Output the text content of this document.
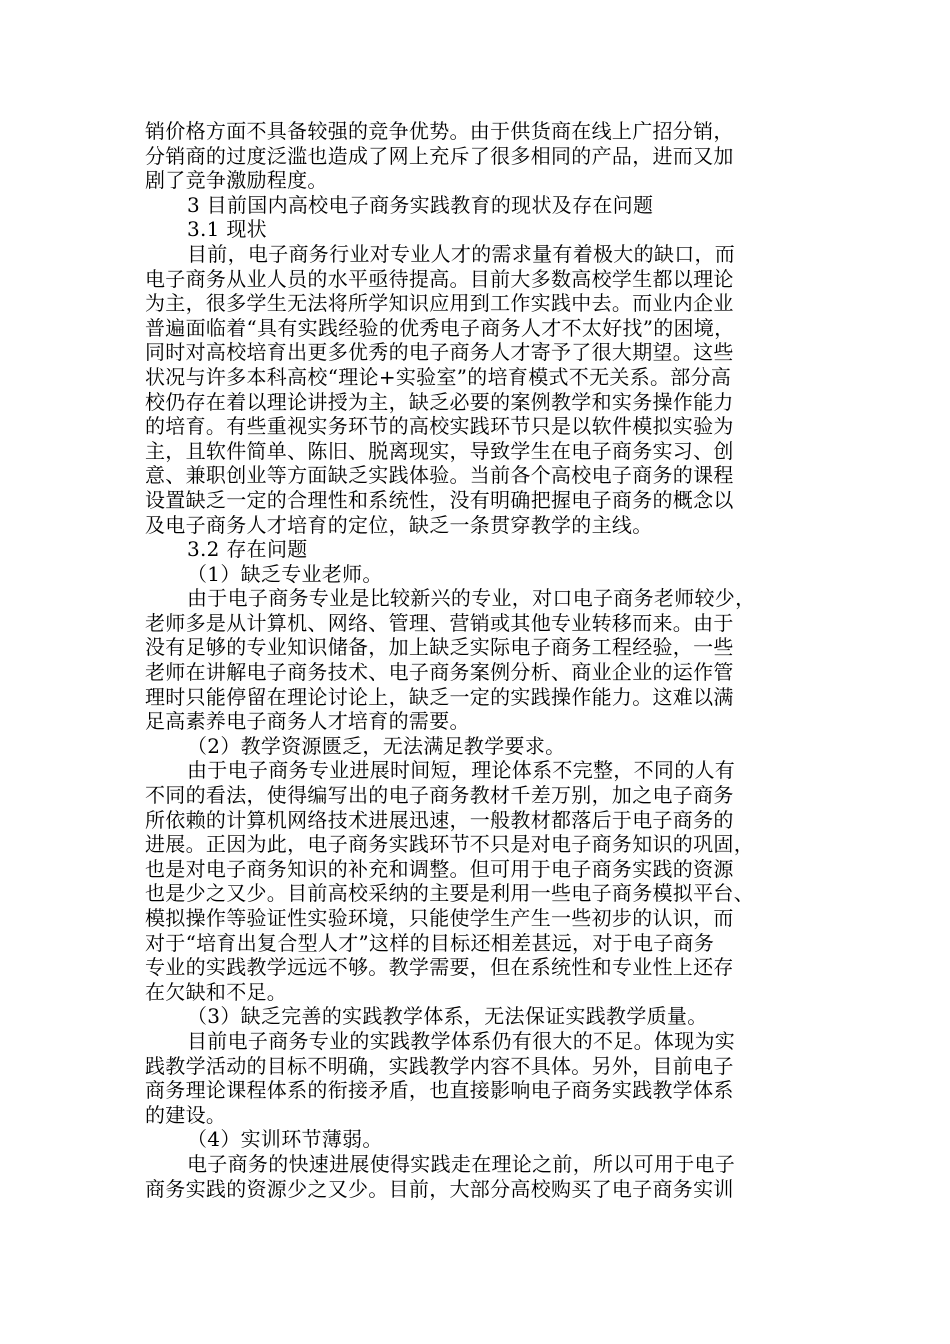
销价格方面不具备较强的竞争优势。由于供货商在线上广招分销，
分销商的过度泛滥也造成了网上充斥了很多相同的产品，进而又加
剧了竞争激励程度。
3 目前国内高校电子商务实践教育的现状及存在问题
3.1 现状
目前，电子商务行业对专业人才的需求量有着极大的缺口，而
电子商务从业人员的水平亟待提高。目前大多数高校学生都以理论
为主，很多学生无法将所学知识应用到工作实践中去。而业内企业
普遍面临着“具有实践经验的优秀电子商务人才不太好找”的困境，
同时对高校培育出更多优秀的电子商务人才寄予了很大期望。这些
状况与许多本科高校“理论+实验室”的培育模式不无关系。部分高
校仍存在着以理论讲授为主，缺乏必要的案例教学和实务操作能力
的培育。有些重视实务环节的高校实践环节只是以软件模拟实验为
主，且软件简单、陈旧、脱离现实，导致学生在电子商务实习、创
意、兼职创业等方面缺乏实践体验。当前各个高校电子商务的课程
设置缺乏一定的合理性和系统性，没有明确把握电子商务的概念以
及电子商务人才培育的定位，缺乏一条贯穿教学的主线。
3.2 存在问题
（1）缺乏专业老师。
由于电子商务专业是比较新兴的专业，对口电子商务老师较少，
老师多是从计算机、网络、管理、营销或其他专业转移而来。由于
没有足够的专业知识储备，加上缺乏实际电子商务工程经验，一些
老师在讲解电子商务技术、电子商务案例分析、商业企业的运作管
理时只能停留在理论讨论上，缺乏一定的实践操作能力。这难以满
足高素养电子商务人才培育的需要。
（2）教学资源匮乏，无法满足教学要求。
由于电子商务专业进展时间短，理论体系不完整，不同的人有
不同的看法，使得编写出的电子商务教材千差万别，加之电子商务
所依赖的计算机网络技术进展迅速，一般教材都落后于电子商务的
进展。正因为此，电子商务实践环节不只是对电子商务知识的巩固，
也是对电子商务知识的补充和调整。但可用于电子商务实践的资源
也是少之又少。目前高校采纳的主要是利用一些电子商务模拟平台、
模拟操作等验证性实验环境，只能使学生产生一些初步的认识，而
对于“培育出复合型人才”这样的目标还相差甚远，对于电子商务
专业的实践教学远远不够。教学需要，但在系统性和专业性上还存
在欠缺和不足。
（3）缺乏完善的实践教学体系，无法保证实践教学质量。
目前电子商务专业的实践教学体系仍有很大的不足。体现为实
践教学活动的目标不明确，实践教学内容不具体。另外，目前电子
商务理论课程体系的衔接矛盾，也直接影响电子商务实践教学体系
的建设。
（4）实训环节薄弱。
电子商务的快速进展使得实践走在理论之前，所以可用于电子
商务实践的资源少之又少。目前，大部分高校购买了电子商务实训
